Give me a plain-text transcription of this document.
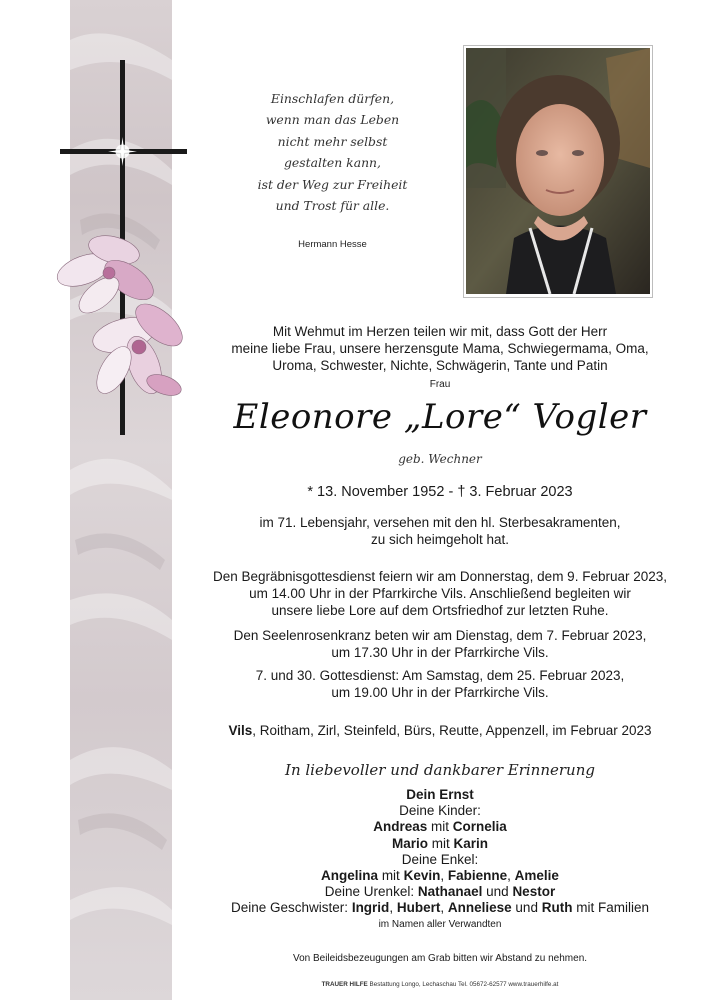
Einschlafen dürfen,
wenn man das Leben
nicht mehr selbst
gestalten kann,
ist der Weg zur Freiheit
und Trost für alle.
Hermann Hesse
Mit Wehmut im Herzen teilen wir mit, dass Gott der Herr
meine liebe Frau, unsere herzensgute Mama, Schwiegermama, Oma,
Uroma, Schwester, Nichte, Schwägerin, Tante und Patin
Frau
Eleonore „Lore“ Vogler
geb. Wechner
* 13. November 1952 - † 3. Februar 2023
im 71. Lebensjahr, versehen mit den hl. Sterbesakramenten,
zu sich heimgeholt hat.
Den Begräbnisgottesdienst feiern wir am Donnerstag, dem 9. Februar 2023,
um 14.00 Uhr in der Pfarrkirche Vils. Anschließend begleiten wir
unsere liebe Lore auf dem Ortsfriedhof zur letzten Ruhe.
Den Seelenrosenkranz beten wir am Dienstag, dem 7. Februar 2023,
um 17.30 Uhr in der Pfarrkirche Vils.
7. und 30. Gottesdienst: Am Samstag, dem 25. Februar 2023,
um 19.00 Uhr in der Pfarrkirche Vils.
Vils, Roitham, Zirl, Steinfeld, Bürs, Reutte, Appenzell, im Februar 2023
In liebevoller und dankbarer Erinnerung
Dein Ernst
Deine Kinder:
Andreas mit Cornelia
Mario mit Karin
Deine Enkel:
Angelina mit Kevin, Fabienne, Amelie
Deine Urenkel: Nathanael und Nestor
Deine Geschwister: Ingrid, Hubert, Anneliese und Ruth mit Familien
im Namen aller Verwandten
Von Beileidsbezeugungen am Grab bitten wir Abstand zu nehmen.
TRAUER HILFE Bestattung Longo, Lechaschau Tel. 05672-62577 www.trauerhilfe.at
